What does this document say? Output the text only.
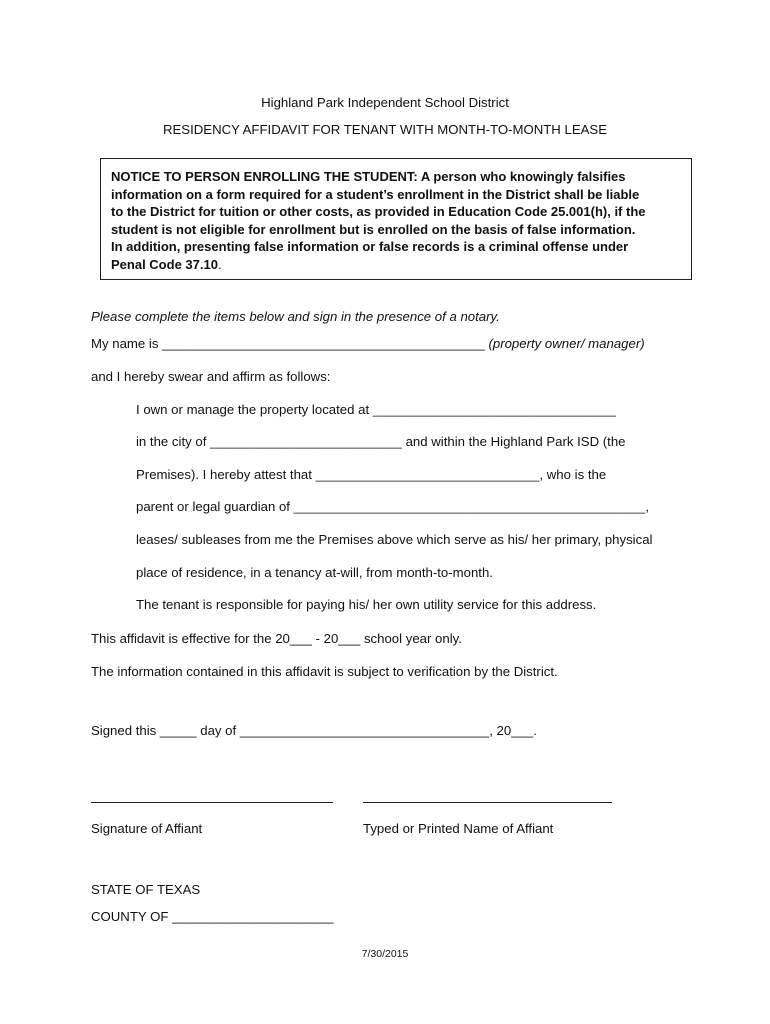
Highland Park Independent School District
RESIDENCY AFFIDAVIT FOR TENANT WITH MONTH-TO-MONTH LEASE
NOTICE TO PERSON ENROLLING THE STUDENT: A person who knowingly falsifies
information on a form required for a student’s enrollment in the District shall be liable
to the District for tuition or other costs, as provided in Education Code 25.001(h), if the
student is not eligible for enrollment but is enrolled on the basis of false information.
In addition, presenting false information or false records is a criminal offense under
Penal Code 37.10.
Please complete the items below and sign in the presence of a notary.
My name is ____________________________________________ (property owner/ manager)
and I hereby swear and affirm as follows:
I own or manage the property located at ______________________________________
in the city of ______________________________ and within the Highland Park ISD (the
Premises). I hereby attest that ___________________________________, who is the
parent or legal guardian of _______________________________________________________,
leases/ subleases from me the Premises above which serve as his/ her primary, physical
place of residence, in a tenancy at-will, from month-to-month.
The tenant is responsible for paying his/ her own utility service for this address.
This affidavit is effective for the 20___ - 20___ school year only.
The information contained in this affidavit is subject to verification by the District.
Signed this _____ day of __________________________________, 20___.
Signature of Affiant	Typed or Printed Name of Affiant
STATE OF TEXAS
COUNTY OF ______________________
7/30/2015
